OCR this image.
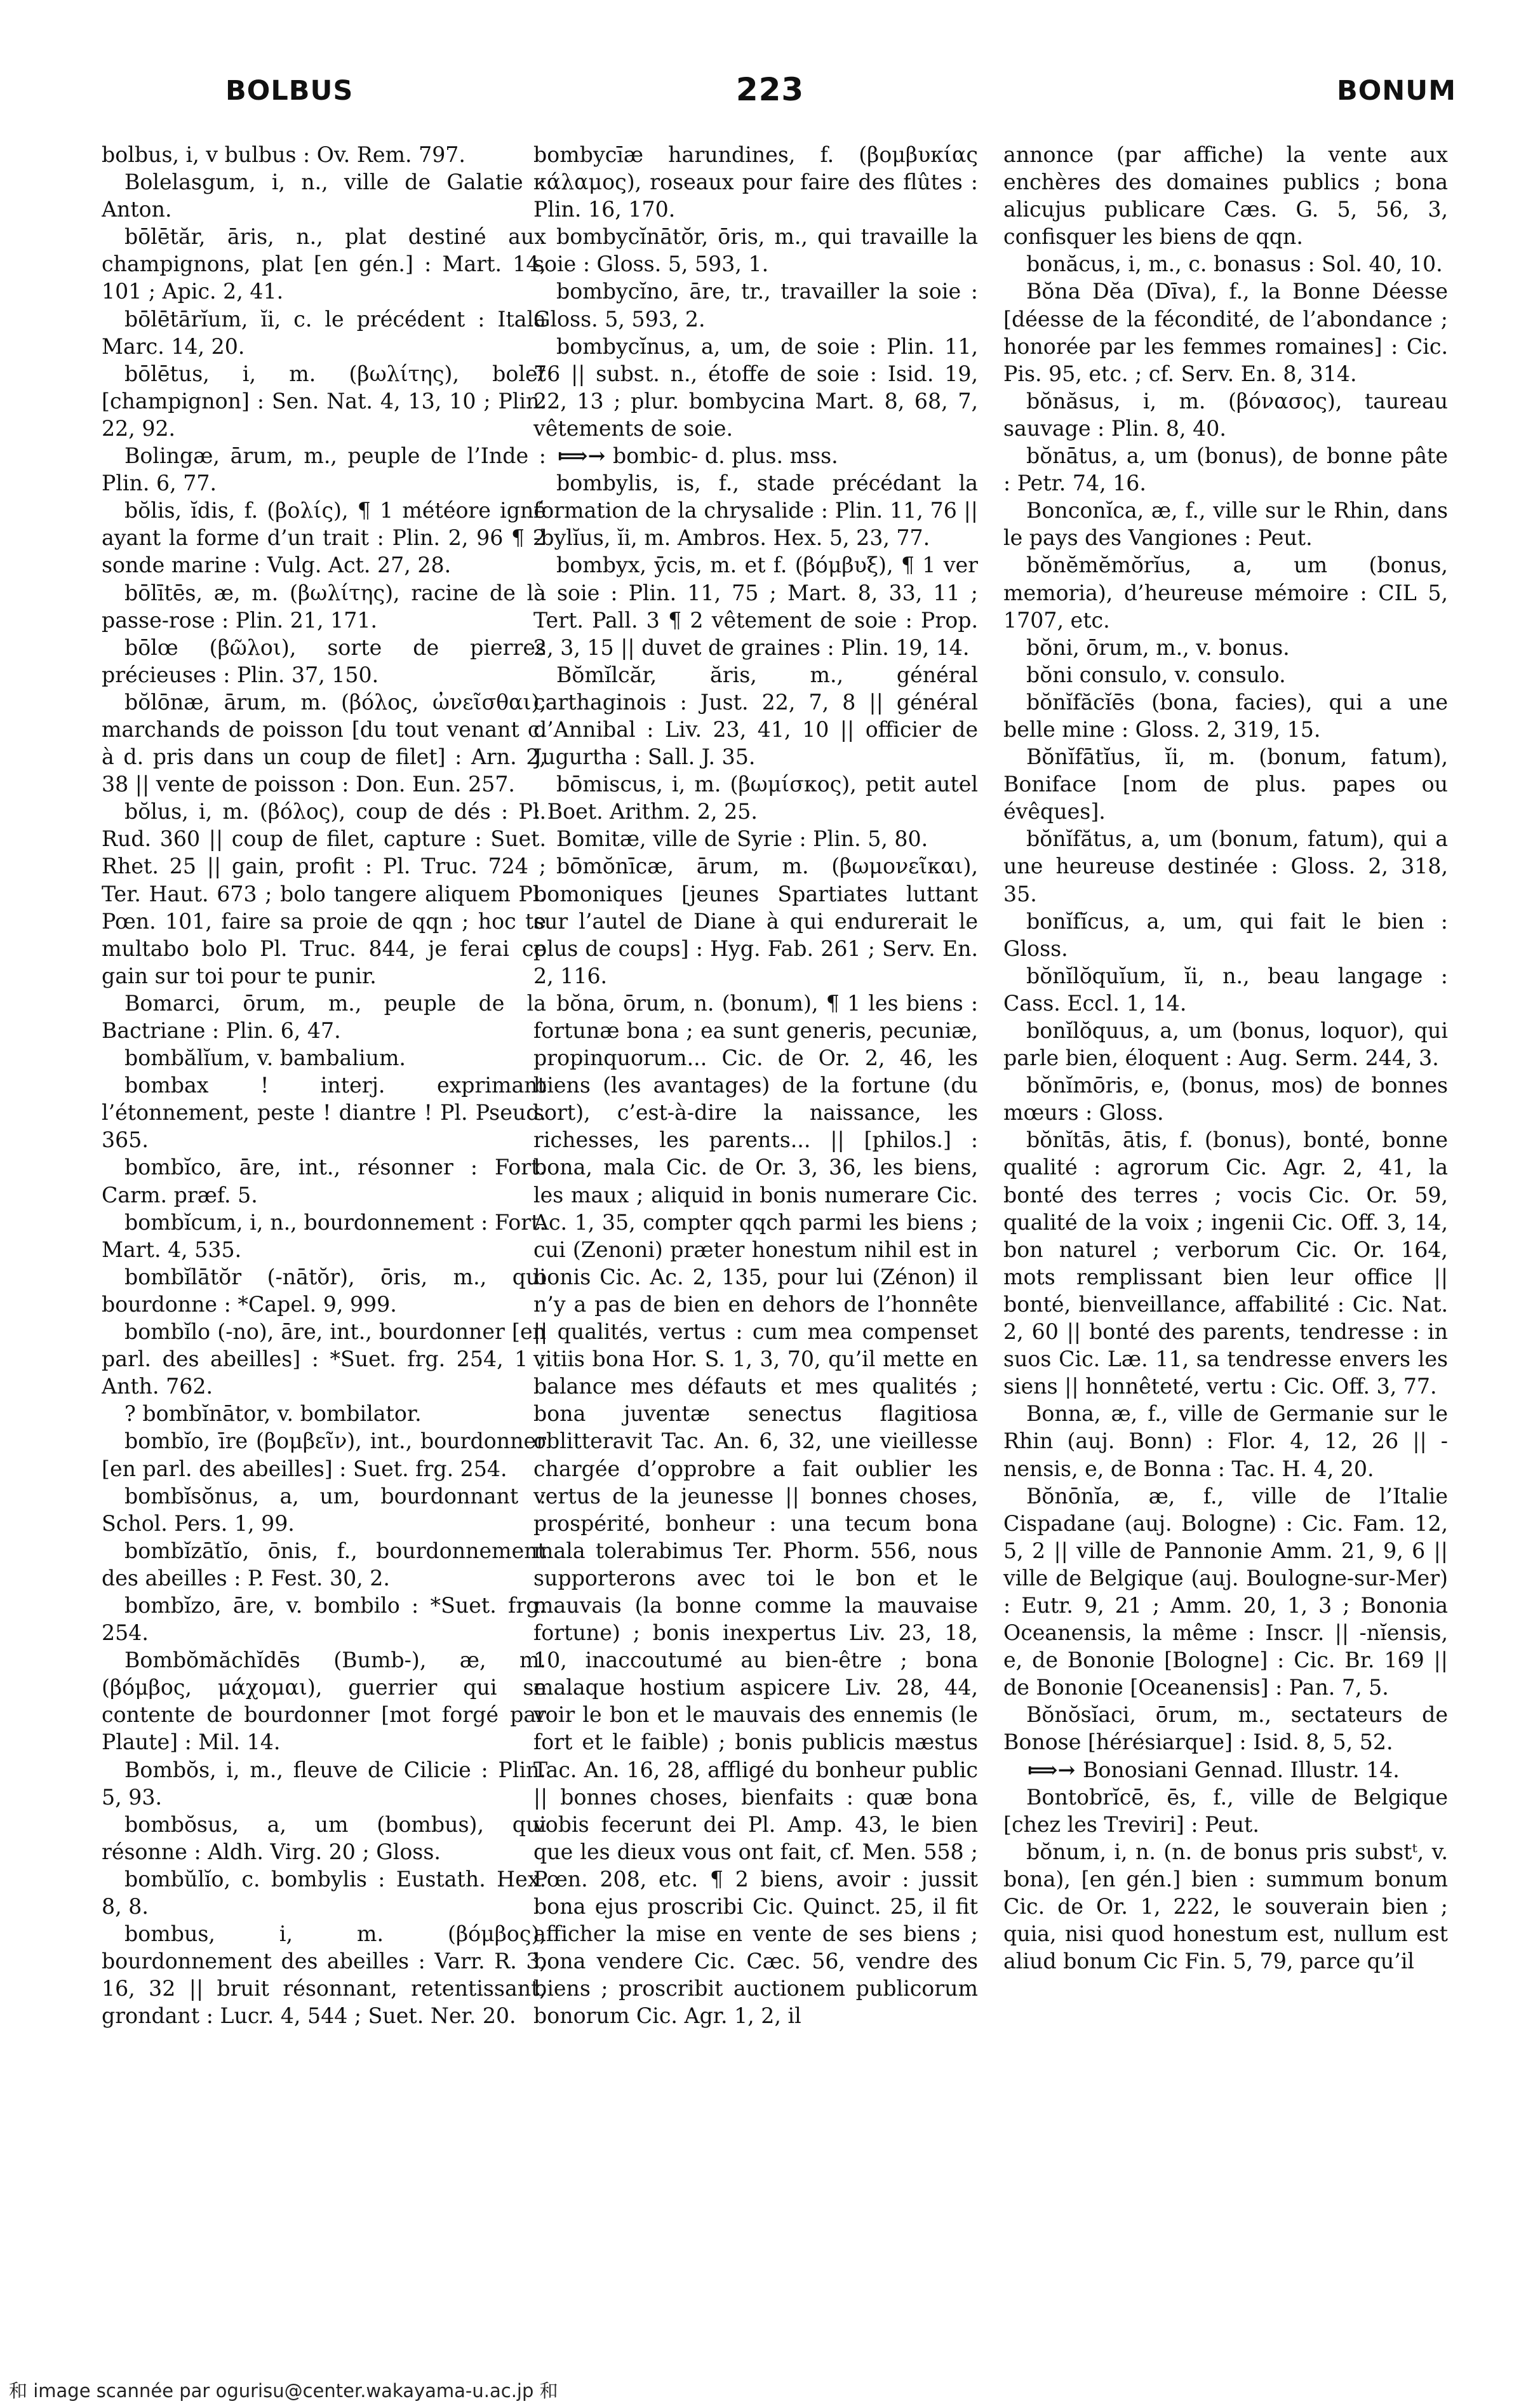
BOLBUS	223	BONUM

bolbus, i, v bulbus : Ov. Rem. 797.

Bolelasgum, i, n., ville de Galatie : Anton.

bōlētăr, āris, n., plat destiné aux champignons, plat [en gén.] : Mart. 14, 101 ; Apic. 2, 41.

bōlētārĭum, ĭi, c. le précédent : Itala Marc. 14, 20.

bōlētus, i, m. (βωλίτης), bolet [champignon] : Sen. Nat. 4, 13, 10 ; Plin. 22, 92.

Bolingæ, ārum, m., peuple de l’Inde : Plin. 6, 77.

bŏlis, ĭdis, f. (βολίς), ¶ 1 météore igné ayant la forme d’un trait : Plin. 2, 96 ¶ 2 sonde marine : Vulg. Act. 27, 28.

bōlītēs, æ, m. (βωλίτης), racine de la passe-rose : Plin. 21, 171.

bōlœ (βῶλοι), sorte de pierres précieuses : Plin. 37, 150.

bŏlōnæ, ārum, m. (βόλος, ὠνεῖσθαι), marchands de poisson [du tout venant c. à d. pris dans un coup de filet] : Arn. 2, 38 || vente de poisson : Don. Eun. 257.

bŏlus, i, m. (βόλος), coup de dés : Pl. Rud. 360 || coup de filet, capture : Suet. Rhet. 25 || gain, profit : Pl. Truc. 724 ; Ter. Haut. 673 ; bolo tangere aliquem Pl. Pœn. 101, faire sa proie de qqn ; hoc te multabo bolo Pl. Truc. 844, je ferai ce gain sur toi pour te punir.

Bomarci, ōrum, m., peuple de la Bactriane : Plin. 6, 47.

bombălĭum, v. bambalium.

bombax ! interj. exprimant l’étonnement, peste ! diantre ! Pl. Pseud. 365.

bombĭco, āre, int., résonner : Fort. Carm. præf. 5.

bombĭcum, i, n., bourdonnement : Fort. Mart. 4, 535.

bombĭlātŏr (-nātŏr), ōris, m., qui bourdonne : *Capel. 9, 999.

bombĭlo (-no), āre, int., bourdonner [en parl. des abeilles] : *Suet. frg. 254, 1 ; Anth. 762.

? bombĭnātor, v. bombilator.

bombĭo, īre (βομβεῖν), int., bourdonner [en parl. des abeilles] : Suet. frg. 254.

bombĭsŏnus, a, um, bourdonnant : Schol. Pers. 1, 99.

bombĭzātĭo, ōnis, f., bourdonnement des abeilles : P. Fest. 30, 2.

bombĭzo, āre, v. bombilo : *Suet. frg. 254.

Bombŏmăchĭdēs (Bumb-), æ, m. (βόμβος, μάχομαι), guerrier qui se contente de bourdonner [mot forgé par Plaute] : Mil. 14.

Bombŏs, i, m., fleuve de Cilicie : Plin. 5, 93.

bombŏsus, a, um (bombus), qui résonne : Aldh. Virg. 20 ; Gloss.

bombŭlĭo, c. bombylis : Eustath. Hex. 8, 8.

bombus, i, m. (βόμβος), bourdonnement des abeilles : Varr. R. 3, 16, 32 || bruit résonnant, retentissant, grondant : Lucr. 4, 544 ; Suet. Ner. 20.

bombycīæ harundines, f. (βομβυκίας κάλαμος), roseaux pour faire des flûtes : Plin. 16, 170.

bombycĭnātŏr, ōris, m., qui travaille la soie : Gloss. 5, 593, 1.

bombycĭno, āre, tr., travailler la soie : Gloss. 5, 593, 2.

bombycĭnus, a, um, de soie : Plin. 11, 76 || subst. n., étoffe de soie : Isid. 19, 22, 13 ; plur. bombycina Mart. 8, 68, 7, vêtements de soie.

⟾→ bombic- d. plus. mss.

bombylis, is, f., stade précédant la formation de la chrysalide : Plin. 11, 76 || -bylĭus, ĭi, m. Ambros. Hex. 5, 23, 77.

bombyx, ȳcis, m. et f. (βόμβυξ), ¶ 1 ver à soie : Plin. 11, 75 ; Mart. 8, 33, 11 ; Tert. Pall. 3 ¶ 2 vêtement de soie : Prop. 2, 3, 15 || duvet de graines : Plin. 19, 14.

Bŏmĭlcăr, ăris, m., général carthaginois : Just. 22, 7, 8 || général d’Annibal : Liv. 23, 41, 10 || officier de Jugurtha : Sall. J. 35.

bōmiscus, i, m. (βωμίσκος), petit autel : Boet. Arithm. 2, 25.

Bomitæ, ville de Syrie : Plin. 5, 80.

bōmŏnīcæ, ārum, m. (βωμονεῖκαι), bomoniques [jeunes Spartiates luttant sur l’autel de Diane à qui endurerait le plus de coups] : Hyg. Fab. 261 ; Serv. En. 2, 116.

bŏna, ōrum, n. (bonum), ¶ 1 les biens : fortunæ bona ; ea sunt generis, pecuniæ, propinquorum... Cic. de Or. 2, 46, les biens (les avantages) de la fortune (du sort), c’est-à-dire la naissance, les richesses, les parents... || [philos.] : bona, mala Cic. de Or. 3, 36, les biens, les maux ; aliquid in bonis numerare Cic. Ac. 1, 35, compter qqch parmi les biens ; cui (Zenoni) præter honestum nihil est in bonis Cic. Ac. 2, 135, pour lui (Zénon) il n’y a pas de bien en dehors de l’honnête || qualités, vertus : cum mea compenset vitiis bona Hor. S. 1, 3, 70, qu’il mette en balance mes défauts et mes qualités ; bona juventæ senectus flagitiosa oblitteravit Tac. An. 6, 32, une vieillesse chargée d’opprobre a fait oublier les vertus de la jeunesse || bonnes choses, prospérité, bonheur : una tecum bona mala tolerabimus Ter. Phorm. 556, nous supporterons avec toi le bon et le mauvais (la bonne comme la mauvaise fortune) ; bonis inexpertus Liv. 23, 18, 10, inaccoutumé au bien-être ; bona malaque hostium aspicere Liv. 28, 44, voir le bon et le mauvais des ennemis (le fort et le faible) ; bonis publicis mæstus Tac. An. 16, 28, affligé du bonheur public || bonnes choses, bienfaits : quæ bona vobis fecerunt dei Pl. Amp. 43, le bien que les dieux vous ont fait, cf. Men. 558 ; Pœn. 208, etc. ¶ 2 biens, avoir : jussit bona ejus proscribi Cic. Quinct. 25, il fit afficher la mise en vente de ses biens ; bona vendere Cic. Cæc. 56, vendre des biens ; proscribit auctionem publicorum bonorum Cic. Agr. 1, 2, il

annonce (par affiche) la vente aux enchères des domaines publics ; bona alicujus publicare Cæs. G. 5, 56, 3, confisquer les biens de qqn.

bonăcus, i, m., c. bonasus : Sol. 40, 10.

Bŏna Dĕa (Dīva), f., la Bonne Déesse [déesse de la fécondité, de l’abondance ; honorée par les femmes romaines] : Cic. Pis. 95, etc. ; cf. Serv. En. 8, 314.

bŏnăsus, i, m. (βόνασος), taureau sauvage : Plin. 8, 40.

bŏnātus, a, um (bonus), de bonne pâte : Petr. 74, 16.

Bonconĭca, æ, f., ville sur le Rhin, dans le pays des Vangiones : Peut.

bŏnĕmĕmŏrĭus, a, um (bonus, memoria), d’heureuse mémoire : CIL 5, 1707, etc.

bŏni, ōrum, m., v. bonus.

bŏni consulo, v. consulo.

bŏnĭfăcĭēs (bona, facies), qui a une belle mine : Gloss. 2, 319, 15.

Bŏnĭfātĭus, ĭi, m. (bonum, fatum), Boniface [nom de plus. papes ou évêques].

bŏnĭfătus, a, um (bonum, fatum), qui a une heureuse destinée : Gloss. 2, 318, 35.

bonĭfĭcus, a, um, qui fait le bien : Gloss.

bŏnĭlŏquĭum, ĭi, n., beau langage : Cass. Eccl. 1, 14.

bonĭlŏquus, a, um (bonus, loquor), qui parle bien, éloquent : Aug. Serm. 244, 3.

bŏnĭmōris, e, (bonus, mos) de bonnes mœurs : Gloss.

bŏnĭtās, ātis, f. (bonus), bonté, bonne qualité : agrorum Cic. Agr. 2, 41, la bonté des terres ; vocis Cic. Or. 59, qualité de la voix ; ingenii Cic. Off. 3, 14, bon naturel ; verborum Cic. Or. 164, mots remplissant bien leur office || bonté, bienveillance, affabilité : Cic. Nat. 2, 60 || bonté des parents, tendresse : in suos Cic. Læ. 11, sa tendresse envers les siens || honnêteté, vertu : Cic. Off. 3, 77.

Bonna, æ, f., ville de Germanie sur le Rhin (auj. Bonn) : Flor. 4, 12, 26 || -nensis, e, de Bonna : Tac. H. 4, 20.

Bŏnōnĭa, æ, f., ville de l’Italie Cispadane (auj. Bologne) : Cic. Fam. 12, 5, 2 || ville de Pannonie Amm. 21, 9, 6 || ville de Belgique (auj. Boulogne-sur-Mer) : Eutr. 9, 21 ; Amm. 20, 1, 3 ; Bononia Oceanensis, la même : Inscr. || -nĭensis, e, de Bononie [Bologne] : Cic. Br. 169 || de Bononie [Oceanensis] : Pan. 7, 5.

Bŏnŏsĭaci, ōrum, m., sectateurs de Bonose [hérésiarque] : Isid. 8, 5, 52.

⟾→ Bonosiani Gennad. Illustr. 14.

Bontobrĭcē, ēs, f., ville de Belgique [chez les Treviri] : Peut.

bŏnum, i, n. (n. de bonus pris substᵗ, v. bona), [en gén.] bien : summum bonum Cic. de Or. 1, 222, le souverain bien ; quia, nisi quod honestum est, nullum est aliud bonum Cic Fin. 5, 79, parce qu’il

和 image scannée par ogurisu@center.wakayama-u.ac.jp 和
